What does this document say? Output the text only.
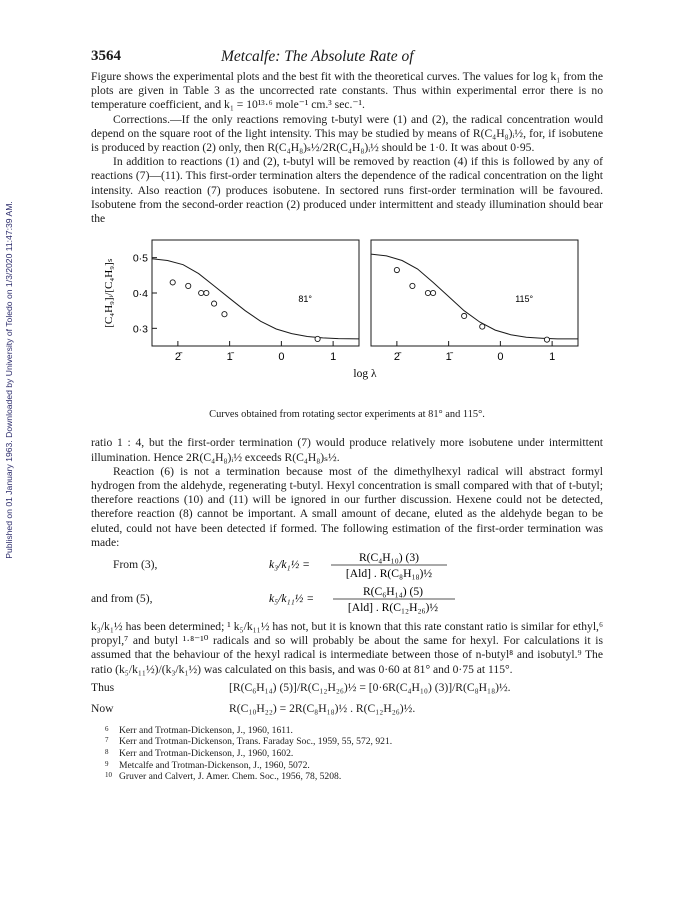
Published on 01 January 1963. Downloaded by University of Toledo on 1/3/2020 11:47:39 AM.
3564	Metcalfe: The Absolute Rate of

Figure shows the experimental plots and the best fit with the theoretical curves. The values for log k₁ from the plots are given in Table 3 as the uncorrected rate constants. Thus within experimental error there is no temperature coefficient, and k₁ = 10¹³·⁶ mole⁻¹ cm.³ sec.⁻¹.

Corrections.—If the only reactions removing t-butyl were (1) and (2), the radical concentration would depend on the square root of the light intensity. This may be studied by means of R(C₄H₈)ᵢ½, for, if isobutene is produced by reaction (2) only, then R(C₄H₈)ₛ½/2R(C₄H₈)ᵢ½ should be 1·0. It was about 0·95.

In addition to reactions (1) and (2), t-butyl will be removed by reaction (4) if this is followed by any of reactions (7)—(11). This first-order termination alters the dependence of the radical concentration on the light intensity. Also reaction (7) produces isobutene. In sectored runs first-order termination will be favoured. Isobutene from the second-order reaction (2) produced under intermittent and steady illumination should bear the

2̄	1̄	0	1
81°
0·5
0·4
0·3
[C₄H₉]ᵢ/[C₄H₉]ₛ
2̄	1̄	0	1
115°
log λ

Curves obtained from rotating sector experiments at 81° and 115°.

ratio 1 : 4, but the first-order termination (7) would produce relatively more isobutene under intermittent illumination. Hence 2R(C₄H₈)ᵢ½ exceeds R(C₄H₈)ₛ½.

Reaction (6) is not a termination because most of the dimethylhexyl radical will abstract formyl hydrogen from the aldehyde, regenerating t-butyl. Hexyl concentration is small compared with that of t-butyl; therefore reactions (10) and (11) will be ignored in our further discussion. Hexene could not be detected, therefore reaction (8) cannot be important. A small amount of decane, eluted as the aldehyde began to be eluted, could not have been detected if formed. The following estimation of the first-order termination was made:

From (3),	k₃/k₁½ =
R(C₄H₁₀) (3)
[Ald] . R(C₈H₁₈)½
and from (5),	k₅/k₁₁½ =
R(C₆H₁₄) (5)
[Ald] . R(C₁₂H₂₆)½

k₃/k₁½ has been determined; ¹ k₅/k₁₁½ has not, but it is known that this rate constant ratio is similar for ethyl,⁶ propyl,⁷ and butyl ¹·⁸⁻¹⁰ radicals and so will probably be about the same for hexyl. For calculations it is assumed that the behaviour of the hexyl radical is intermediate between those of n-butyl⁸ and isobutyl.⁹ The ratio (k₅/k₁₁½)/(k₃/k₁½) was calculated on this basis, and was 0·60 at 81° and 0·75 at 115°.

Thus	[R(C₆H₁₄) (5)]/R(C₁₂H₂₆)½ = [0·6R(C₄H₁₀) (3)]/R(C₈H₁₈)½.
Now	R(C₁₀H₂₂) = 2R(C₈H₁₈)½ . R(C₁₂H₂₆)½.
6 Kerr and Trotman-Dickenson, J., 1960, 1611.
7 Kerr and Trotman-Dickenson, Trans. Faraday Soc., 1959, 55, 572, 921.
8 Kerr and Trotman-Dickenson, J., 1960, 1602.
9 Metcalfe and Trotman-Dickenson, J., 1960, 5072.
10 Gruver and Calvert, J. Amer. Chem. Soc., 1956, 78, 5208.
